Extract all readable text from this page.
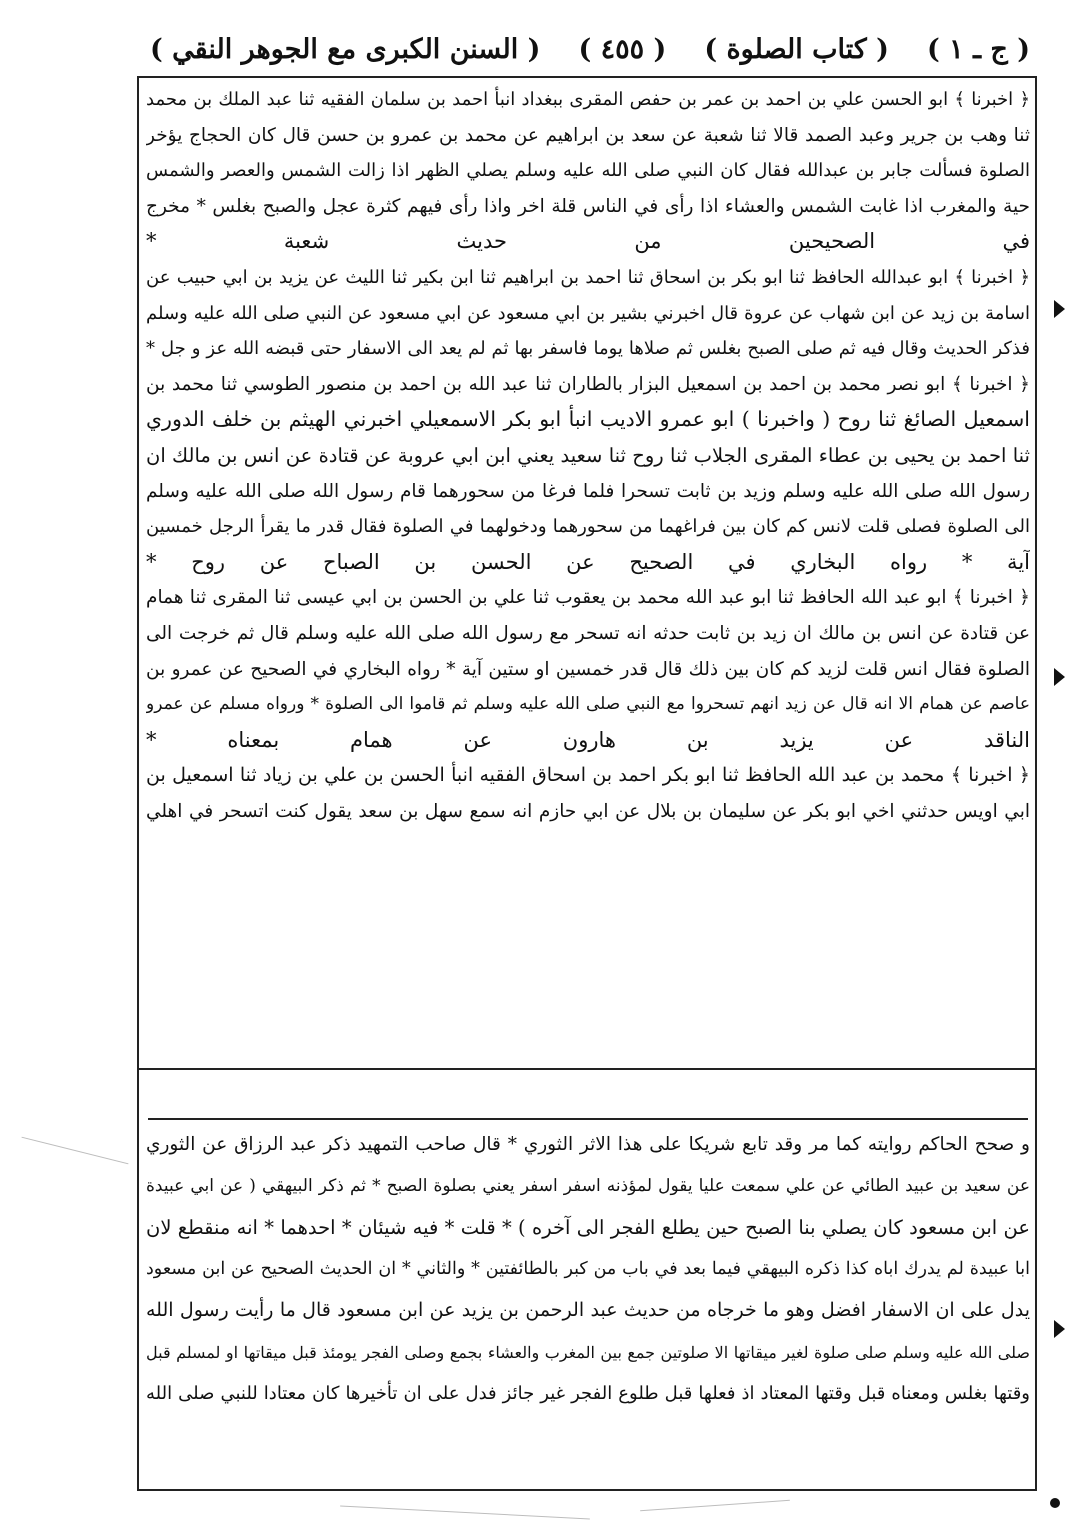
( السنن الكبرى مع الجوهر النقي ) ( ٤٥٥ ) ( كتاب الصلوة ) ( ج ـ ١ )
﴿ اخبرنا ﴾ ابو الحسن علي بن احمد بن عمر بن حفص المقرى ببغداد انبأ احمد بن سلمان الفقيه ثنا عبد الملك بن محمد
ثنا وهب بن جرير وعبد الصمد قالا ثنا شعبة عن سعد بن ابراهيم عن محمد بن عمرو بن حسن قال كان الحجاج يؤخر
الصلوة فسألت جابر بن عبدالله فقال كان النبي صلى الله عليه وسلم يصلي الظهر اذا زالت الشمس والعصر والشمس
حية والمغرب اذا غابت الشمس والعشاء اذا رأى في الناس قلة اخر واذا رأى فيهم كثرة عجل والصبح بغلس * مخرج
في الصحيحين من حديث شعبة *
﴿ اخبرنا ﴾ ابو عبدالله الحافظ ثنا ابو بكر بن اسحاق ثنا احمد بن ابراهيم ثنا ابن بكير ثنا الليث عن يزيد بن ابي حبيب عن
اسامة بن زيد عن ابن شهاب عن عروة قال اخبرني بشير بن ابي مسعود عن ابي مسعود عن النبي صلى الله عليه وسلم
فذكر الحديث وقال فيه ثم صلى الصبح بغلس ثم صلاها يوما فاسفر بها ثم لم يعد الى الاسفار حتى قبضه الله عز و جل *
﴿ اخبرنا ﴾ ابو نصر محمد بن احمد بن اسمعيل البزار بالطاران ثنا عبد الله بن احمد بن منصور الطوسي ثنا محمد بن
اسمعيل الصائغ ثنا روح ( واخبرنا ) ابو عمرو الاديب انبأ ابو بكر الاسمعيلي اخبرني الهيثم بن خلف الدوري
ثنا احمد بن يحيى بن عطاء المقرى الجلاب ثنا روح ثنا سعيد يعني ابن ابي عروبة عن قتادة عن انس بن مالك ان
رسول الله صلى الله عليه وسلم وزيد بن ثابت تسحرا فلما فرغا من سحورهما قام رسول الله صلى الله عليه وسلم
الى الصلوة فصلى قلت لانس كم كان بين فراغهما من سحورهما ودخولهما في الصلوة فقال قدر ما يقرأ الرجل خمسين
آية * رواه البخاري في الصحيح عن الحسن بن الصباح عن روح *
﴿ اخبرنا ﴾ ابو عبد الله الحافظ ثنا ابو عبد الله محمد بن يعقوب ثنا علي بن الحسن بن ابي عيسى ثنا المقرى ثنا همام
عن قتادة عن انس بن مالك ان زيد بن ثابت حدثه انه تسحر مع رسول الله صلى الله عليه وسلم قال ثم خرجت الى
الصلوة فقال انس قلت لزيد كم كان بين ذلك قال قدر خمسين او ستين آية * رواه البخاري في الصحيح عن عمرو بن
عاصم عن همام الا انه قال عن زيد انهم تسحروا مع النبي صلى الله عليه وسلم ثم قاموا الى الصلوة * ورواه مسلم عن عمرو
الناقد عن يزيد بن هارون عن همام بمعناه *
﴿ اخبرنا ﴾ محمد بن عبد الله الحافظ ثنا ابو بكر احمد بن اسحاق الفقيه انبأ الحسن بن علي بن زياد ثنا اسمعيل بن
ابي اويس حدثني اخي ابو بكر عن سليمان بن بلال عن ابي حازم انه سمع سهل بن سعد يقول كنت اتسحر في اهلي
و صحح الحاكم روايته كما مر وقد تابع شريكا على هذا الاثر الثوري * قال صاحب التمهيد ذكر عبد الرزاق عن الثوري
عن سعيد بن عبيد الطائي عن علي سمعت عليا يقول لمؤذنه اسفر اسفر يعني بصلوة الصبح * ثم ذكر البيهقي ( عن ابي عبيدة
عن ابن مسعود كان يصلي بنا الصبح حين يطلع الفجر الى آخره ) * قلت * فيه شيئان * احدهما * انه منقطع لان
ابا عبيدة لم يدرك اباه كذا ذكره البيهقي فيما بعد في باب من كبر بالطائفتين * والثاني * ان الحديث الصحيح عن ابن مسعود
يدل على ان الاسفار افضل وهو ما خرجاه من حديث عبد الرحمن بن يزيد عن ابن مسعود قال ما رأيت رسول الله
صلى الله عليه وسلم صلى صلوة لغير ميقاتها الا صلوتين جمع بين المغرب والعشاء بجمع وصلى الفجر يومئذ قبل ميقاتها او لمسلم قبل
وقتها بغلس ومعناه قبل وقتها المعتاد اذ فعلها قبل طلوع الفجر غير جائز فدل على ان تأخيرها كان معتادا للنبي صلى الله
